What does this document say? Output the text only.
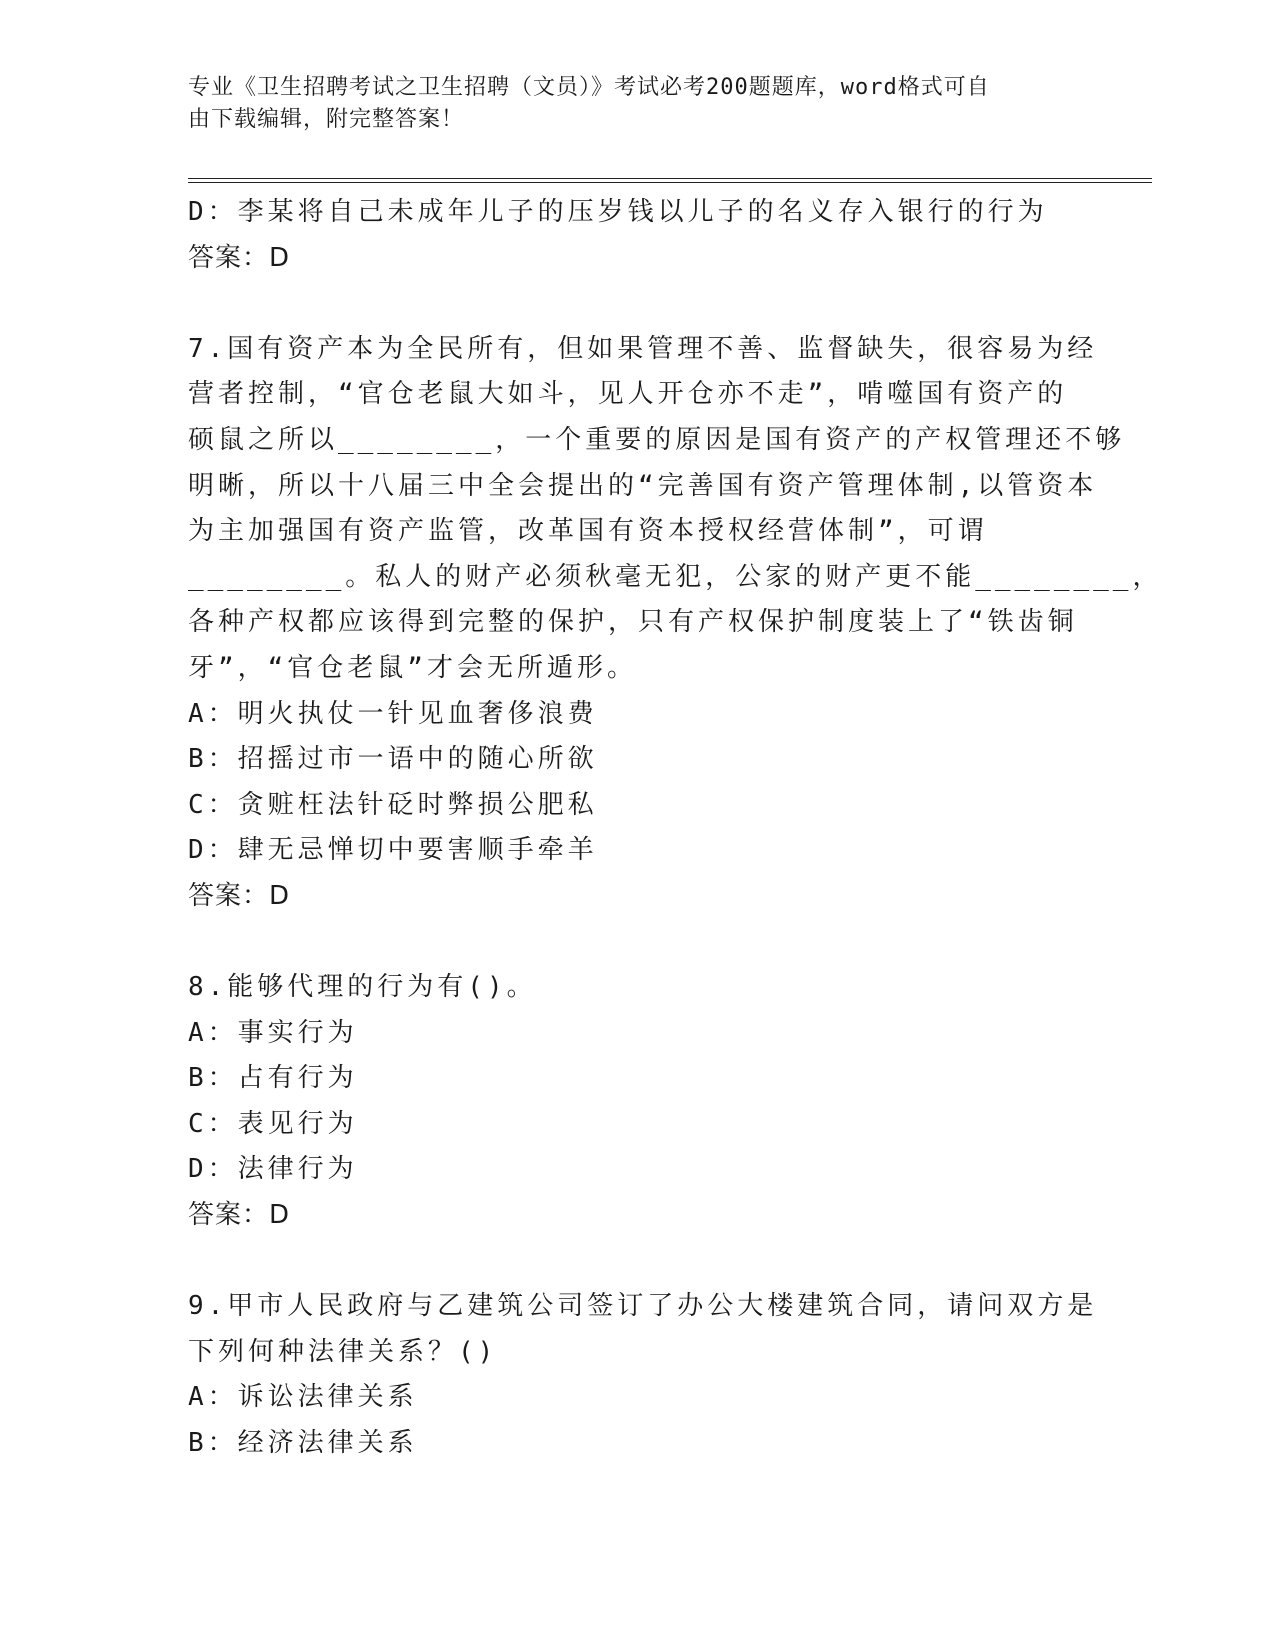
专业《卫生招聘考试之卫生招聘（文员）》考试必考200题题库，word格式可自
由下载编辑，附完整答案！
D：李某将自己未成年儿子的压岁钱以儿子的名义存入银行的行为
答案：D
7.国有资产本为全民所有，但如果管理不善、监督缺失，很容易为经
营者控制，“官仓老鼠大如斗，见人开仓亦不走”，啃噬国有资产的
硕鼠之所以________，一个重要的原因是国有资产的产权管理还不够
明晰，所以十八届三中全会提出的“完善国有资产管理体制,以管资本
为主加强国有资产监管，改革国有资本授权经营体制”，可谓
________。私人的财产必须秋毫无犯，公家的财产更不能________，
各种产权都应该得到完整的保护，只有产权保护制度装上了“铁齿铜
牙”，“官仓老鼠”才会无所遁形。
A：明火执仗一针见血奢侈浪费
B：招摇过市一语中的随心所欲
C：贪赃枉法针砭时弊损公肥私
D：肆无忌惮切中要害顺手牵羊
答案：D
8.能够代理的行为有()。
A：事实行为
B：占有行为
C：表见行为
D：法律行为
答案：D
9.甲市人民政府与乙建筑公司签订了办公大楼建筑合同，请问双方是
下列何种法律关系？()
A：诉讼法律关系
B：经济法律关系
